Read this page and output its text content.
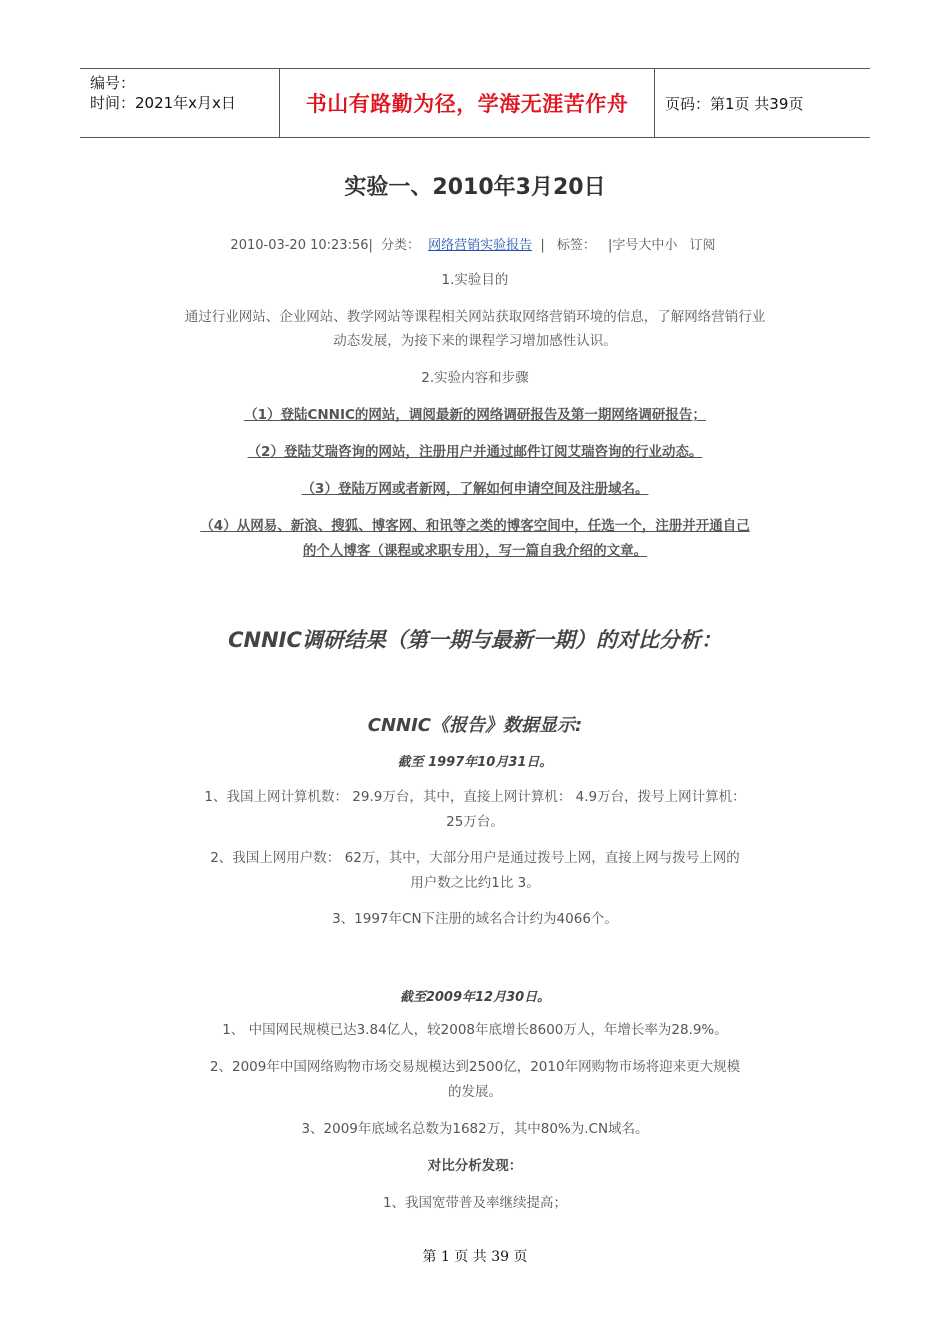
编号：
时间：2021年x月x日	书山有路勤为径，学海无涯苦作舟 页码：第1页 共39页
实验一、2010年3月20日
2010-03-20 10:23:56| 分类： 网络营销实验报告 | 标签： |字号大中小 订阅
1.实验目的
通过行业网站、企业网站、教学网站等课程相关网站获取网络营销环境的信息，了解网络营销行业
动态发展，为接下来的课程学习增加感性认识。
2.实验内容和步骤
（1）登陆CNNIC的网站，调阅最新的网络调研报告及第一期网络调研报告；
（2）登陆艾瑞咨询的网站，注册用户并通过邮件订阅艾瑞咨询的行业动态。
（3）登陆万网或者新网，了解如何申请空间及注册域名。
（4）从网易、新浪、搜狐、博客网、和讯等之类的博客空间中，任选一个，注册并开通自己
的个人博客（课程或求职专用），写一篇自我介绍的文章。
CNNIC调研结果（第一期与最新一期）的对比分析：
CNNIC《报告》数据显示:
截至 1997年10月31日。
1、我国上网计算机数： 29.9万台，其中，直接上网计算机： 4.9万台，拨号上网计算机：
25万台。
2、我国上网用户数： 62万，其中，大部分用户是通过拨号上网，直接上网与拨号上网的
用户数之比约1比 3。
3、1997年CN下注册的域名合计约为4066个。
截至2009年12月30日。
1、 中国网民规模已达3.84亿人，较2008年底增长8600万人，年增长率为28.9%。
2、2009年中国网络购物市场交易规模达到2500亿，2010年网购物市场将迎来更大规模
的发展。
3、2009年底域名总数为1682万，其中80%为.CN域名。
对比分析发现：
1、我国宽带普及率继续提高；
第 1 页 共 39 页
